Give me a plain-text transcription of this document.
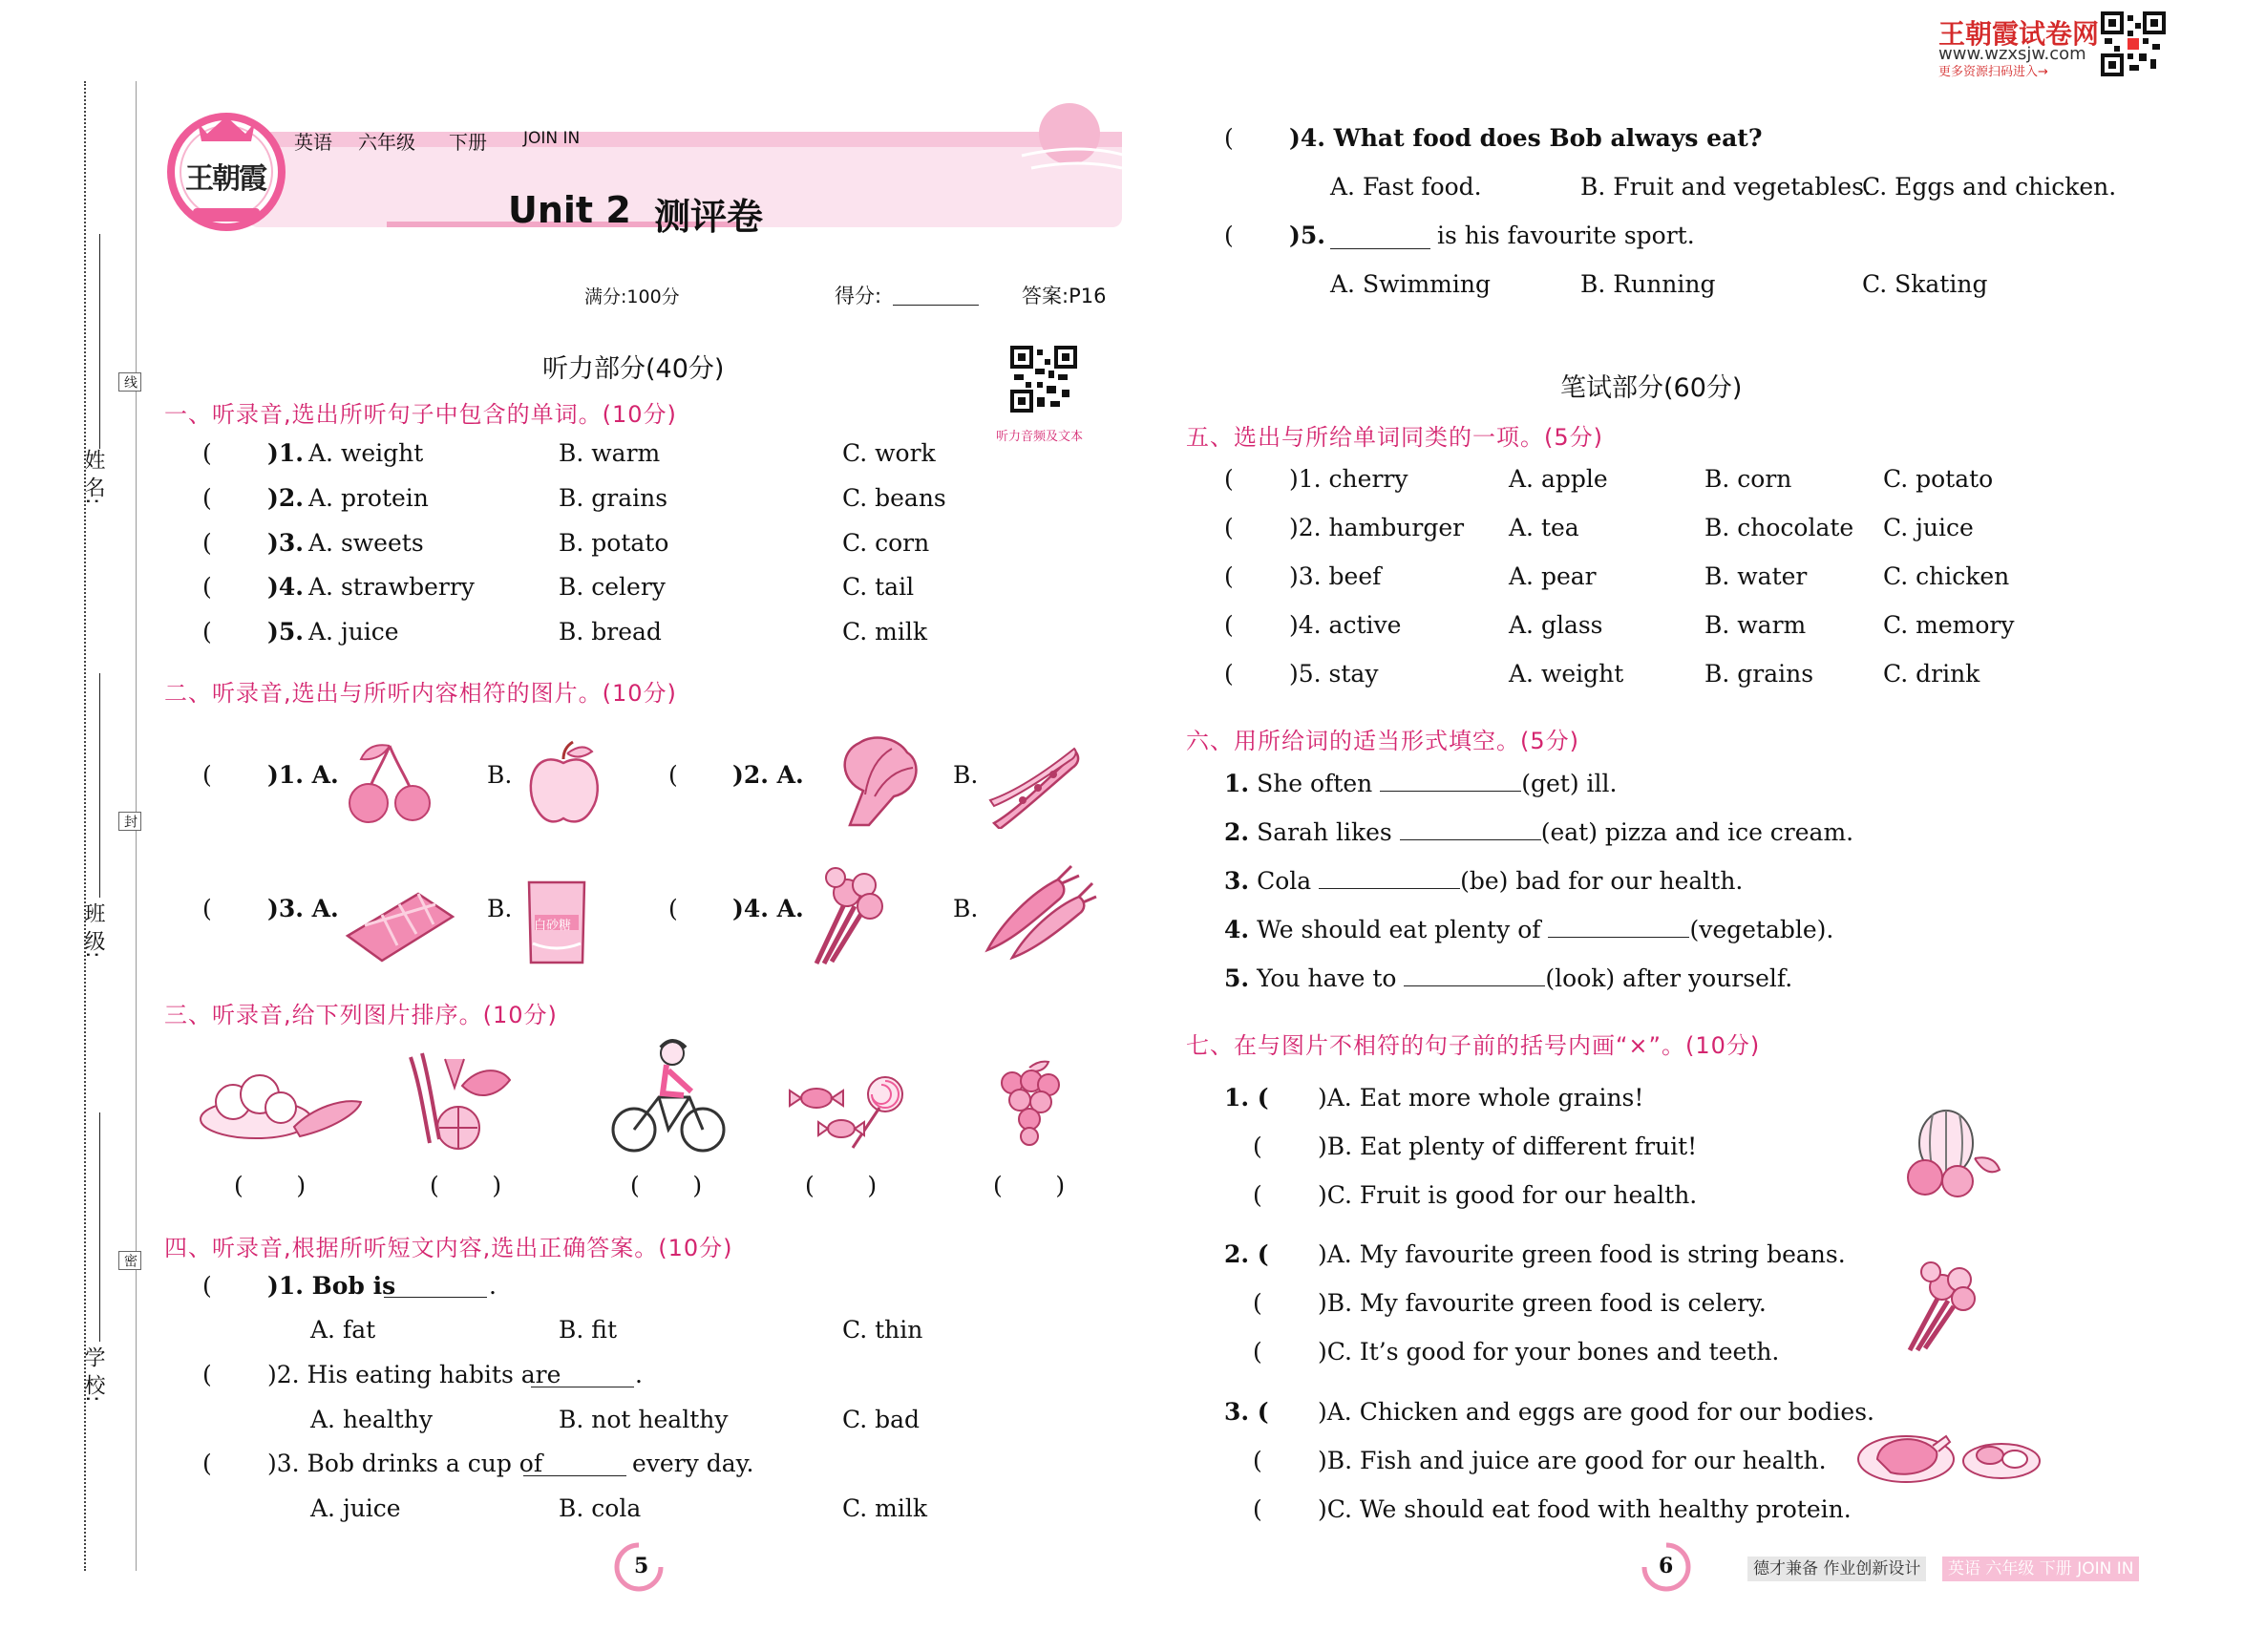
姓 名:
班 级:
学 校:
线
封
密
王朝霞
英语 六年级 下册 JOIN IN
Unit 2 测评卷
满分:100分	得分:	答案:P16
王朝霞试卷网
www.wzxsjw.com
更多资源扫码进入→
听力部分(40分)
听力音频及文本
一、听录音,选出所听句子中包含的单词。(10分)
( )1. A. weight	B. warm	C. work
( )2. A. protein	B. grains	C. beans
( )3. A. sweets	B. potato	C. corn
( )4. A. strawberry	B. celery	C. tail
( )5. A. juice	B. bread	C. milk
二、听录音,选出与所听内容相符的图片。(10分)
( )1. A.	B.	( )2. A.	B.
( )3. A.	B.
白砂糖
( )4. A.	B.
三、听录音,给下列图片排序。(10分)
(       )	(       )	(       )	(       )	(       )
四、听录音,根据所听短文内容,选出正确答案。(10分)
( )1. Bob is	.
A. fat	B. fit	C. thin
( )2. His eating habits are	.
A. healthy	B. not healthy	C. bad
( )3. Bob drinks a cup of	every day.
A. juice	B. cola	C. milk
5
( )4. What food does Bob always eat?
A. Fast food.	B. Fruit and vegetables.
C. Eggs and chicken.
( )5.	is his favourite sport.
A. Swimming	B. Running	C. Skating
笔试部分(60分)
五、选出与所给单词同类的一项。(5分)
( )1. cherry	A. apple	B. corn	C. potato
( )2. hamburger A. tea	B. chocolate C. juice
( )3. beef	A. pear	B. water	C. chicken
( )4. active	A. glass	B. warm	C. memory
( )5. stay	A. weight	B. grains	C. drink
六、用所给词的适当形式填空。(5分)
1. She often	(get) ill.
2. Sarah likes	(eat) pizza and ice cream.
3. Cola	(be) bad for our health.
4. We should eat plenty of	(vegetable).
5. You have to	(look) after yourself.
七、在与图片不相符的句子前的括号内画“×”。(10分)
1. ( )A. Eat more whole grains!
( )B. Eat plenty of different fruit!
( )C. Fruit is good for our health.
2. ( )A. My favourite green food is string beans.
( )B. My favourite green food is celery.
( )C. It’s good for your bones and teeth.
3. ( )A. Chicken and eggs are good for our bodies.
( )B. Fish and juice are good for our health.
( )C. We should eat food with healthy protein.
6	德才兼备 作业创新设计	英语 六年级 下册 JOIN IN
